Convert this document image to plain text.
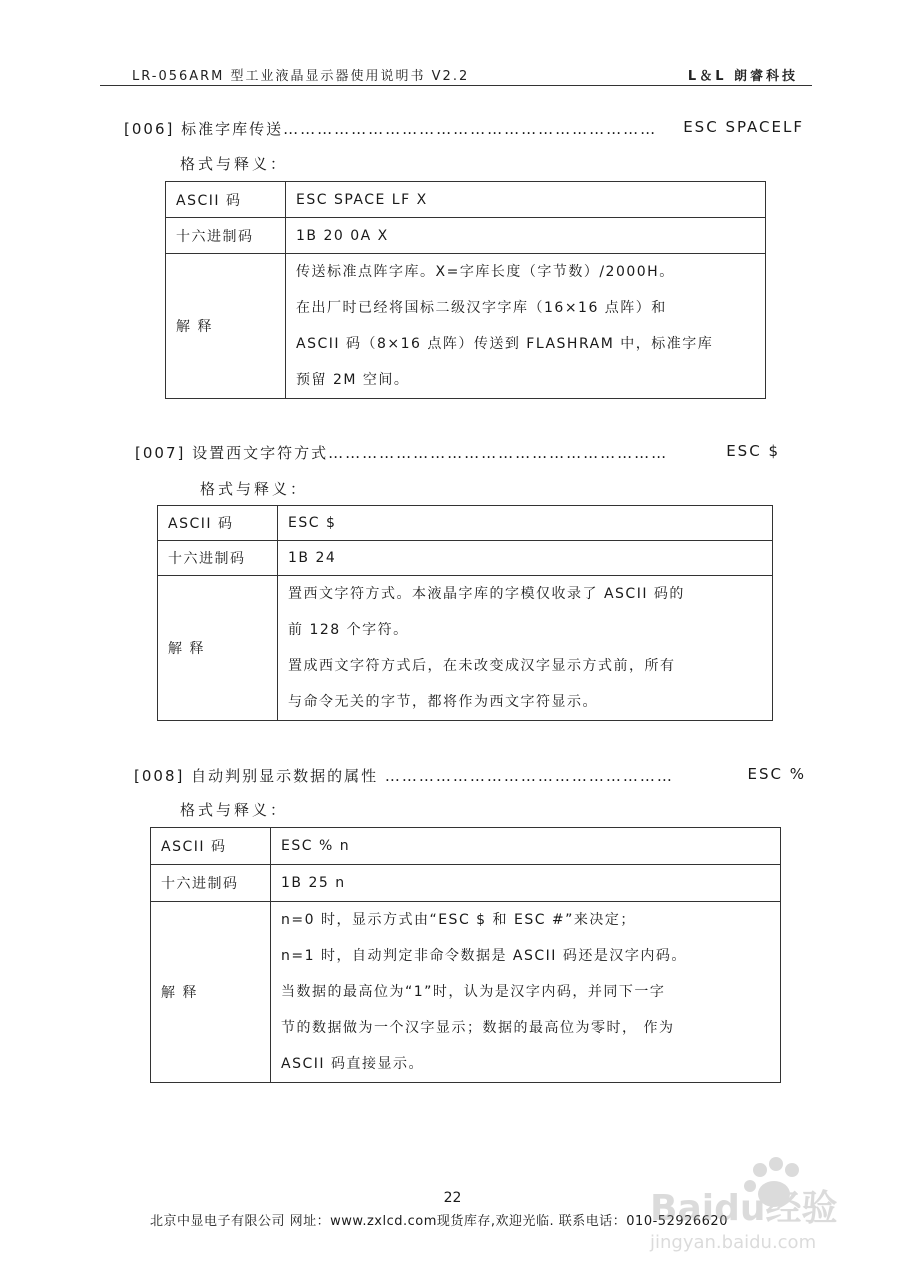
LR-056ARM 型工业液晶显示器使用说明书 V2.2	L＆L 朗睿科技
[006] 标准字库传送………………………………………………………… ESC SPACELF
格式与释义：
ASCII 码	ESC SPACE LF X
十六进制码	1B 20 0A X
解 释	传送标准点阵字库。X=字库长度（字节数）/2000H。
在出厂时已经将国标二级汉字字库（16×16 点阵）和
ASCII 码（8×16 点阵）传送到 FLASHRAM 中，标准字库
预留 2M 空间。
[007] 设置西文字符方式……………………………………………………	ESC $
格式与释义：
ASCII 码	ESC $
十六进制码	1B 24
解 释	置西文字符方式。本液晶字库的字模仅收录了 ASCII 码的
前 128 个字符。
置成西文字符方式后，在未改变成汉字显示方式前，所有
与命令无关的字节，都将作为西文字符显示。
[008] 自动判别显示数据的属性 ……………………………………………	ESC %
格式与释义：
ASCII 码	ESC % n
十六进制码	1B 25 n
解 释	n=0 时，显示方式由“ESC $ 和 ESC #”来决定；
n=1 时，自动判定非命令数据是 ASCII 码还是汉字内码。
当数据的最高位为“1”时，认为是汉字内码，并同下一字
节的数据做为一个汉字显示；数据的最高位为零时， 作为
ASCII 码直接显示。
22
北京中显电子有限公司 网址：www.zxlcd.com现货库存,欢迎光临. 联系电话：010-52926620
Baidu经验
jingyan.baidu.com
